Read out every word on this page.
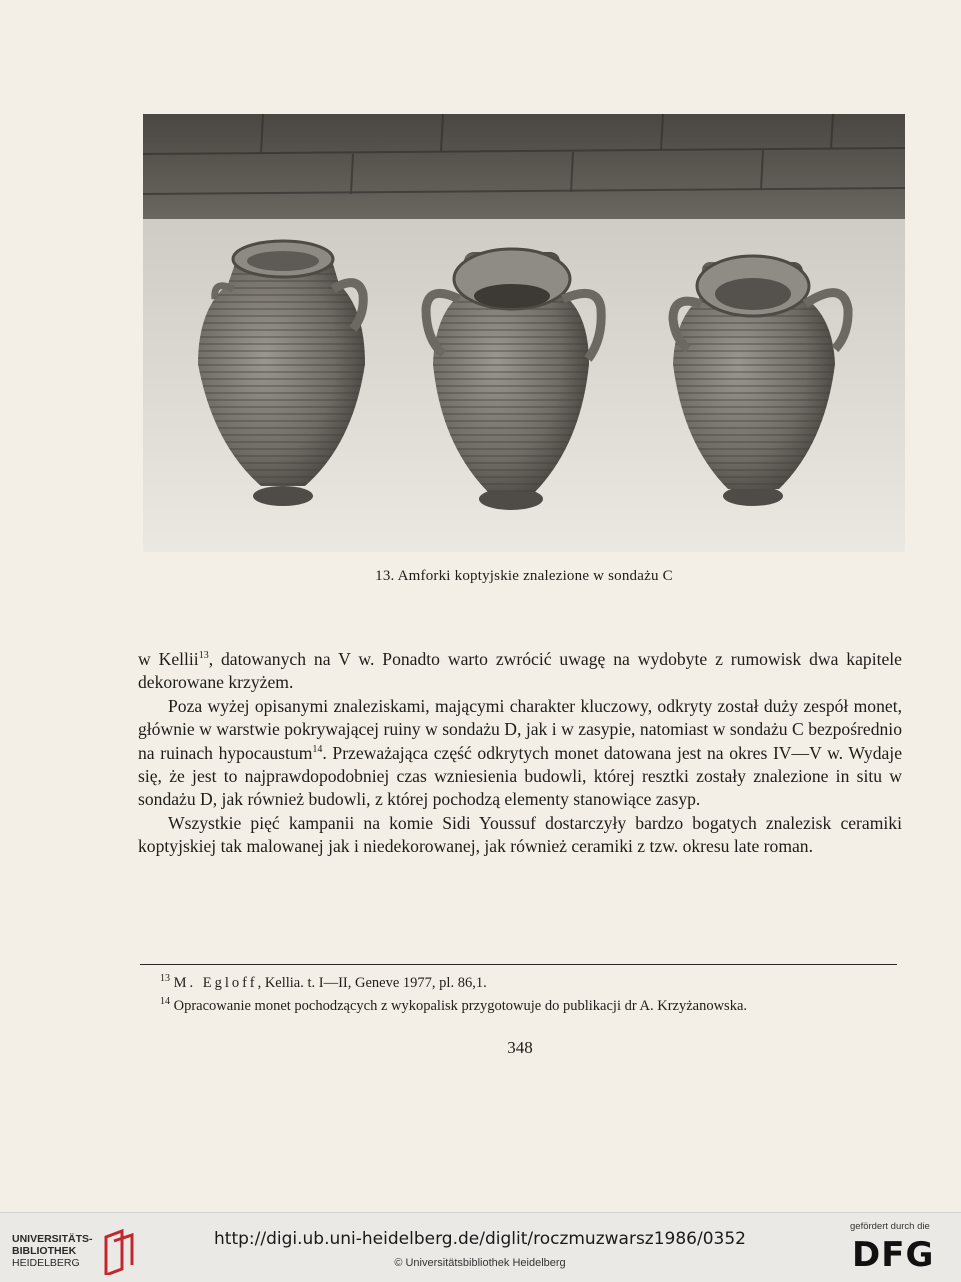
13. Amforki koptyjskie znalezione w sondażu C

w Kellii$^{13}$, datowanych na V w. Ponadto warto zwrócić uwagę na wydobyte z rumowisk dwa kapitele dekorowane krzyżem.

Poza wyżej opisanymi znaleziskami, mającymi charakter kluczowy, odkryty został duży zespół monet, głównie w warstwie pokrywającej ruiny w sondażu D, jak i w zasypie, natomiast w sondażu C bezpośrednio na ruinach hypocaustum$^{14}$. Przeważająca część odkrytych monet datowana jest na okres IV—V w. Wydaje się, że jest to najprawdopodobniej czas wzniesienia budowli, której resztki zostały znalezione in situ w sondażu D, jak również budowli, z której pochodzą elementy stanowiące zasyp.

Wszystkie pięć kampanii na komie Sidi Youssuf dostarczyły bardzo bogatych znalezisk ceramiki koptyjskiej tak malowanej jak i niedekorowanej, jak również ceramiki z tzw. okresu late roman.

$^{13}$ M. Egloff, Kellia. t. I—II, Geneve 1977, pl. 86,1.

$^{14}$ Opracowanie monet pochodzących z wykopalisk przygotowuje do publikacji dr A. Krzyżanowska.

348
UNIVERSITÄTS-
BIBLIOTHEK
HEIDELBERG
http://digi.ub.uni-heidelberg.de/diglit/roczmuzwarsz1986/0352
© Universitätsbibliothek Heidelberg
gefördert durch die
DFG
